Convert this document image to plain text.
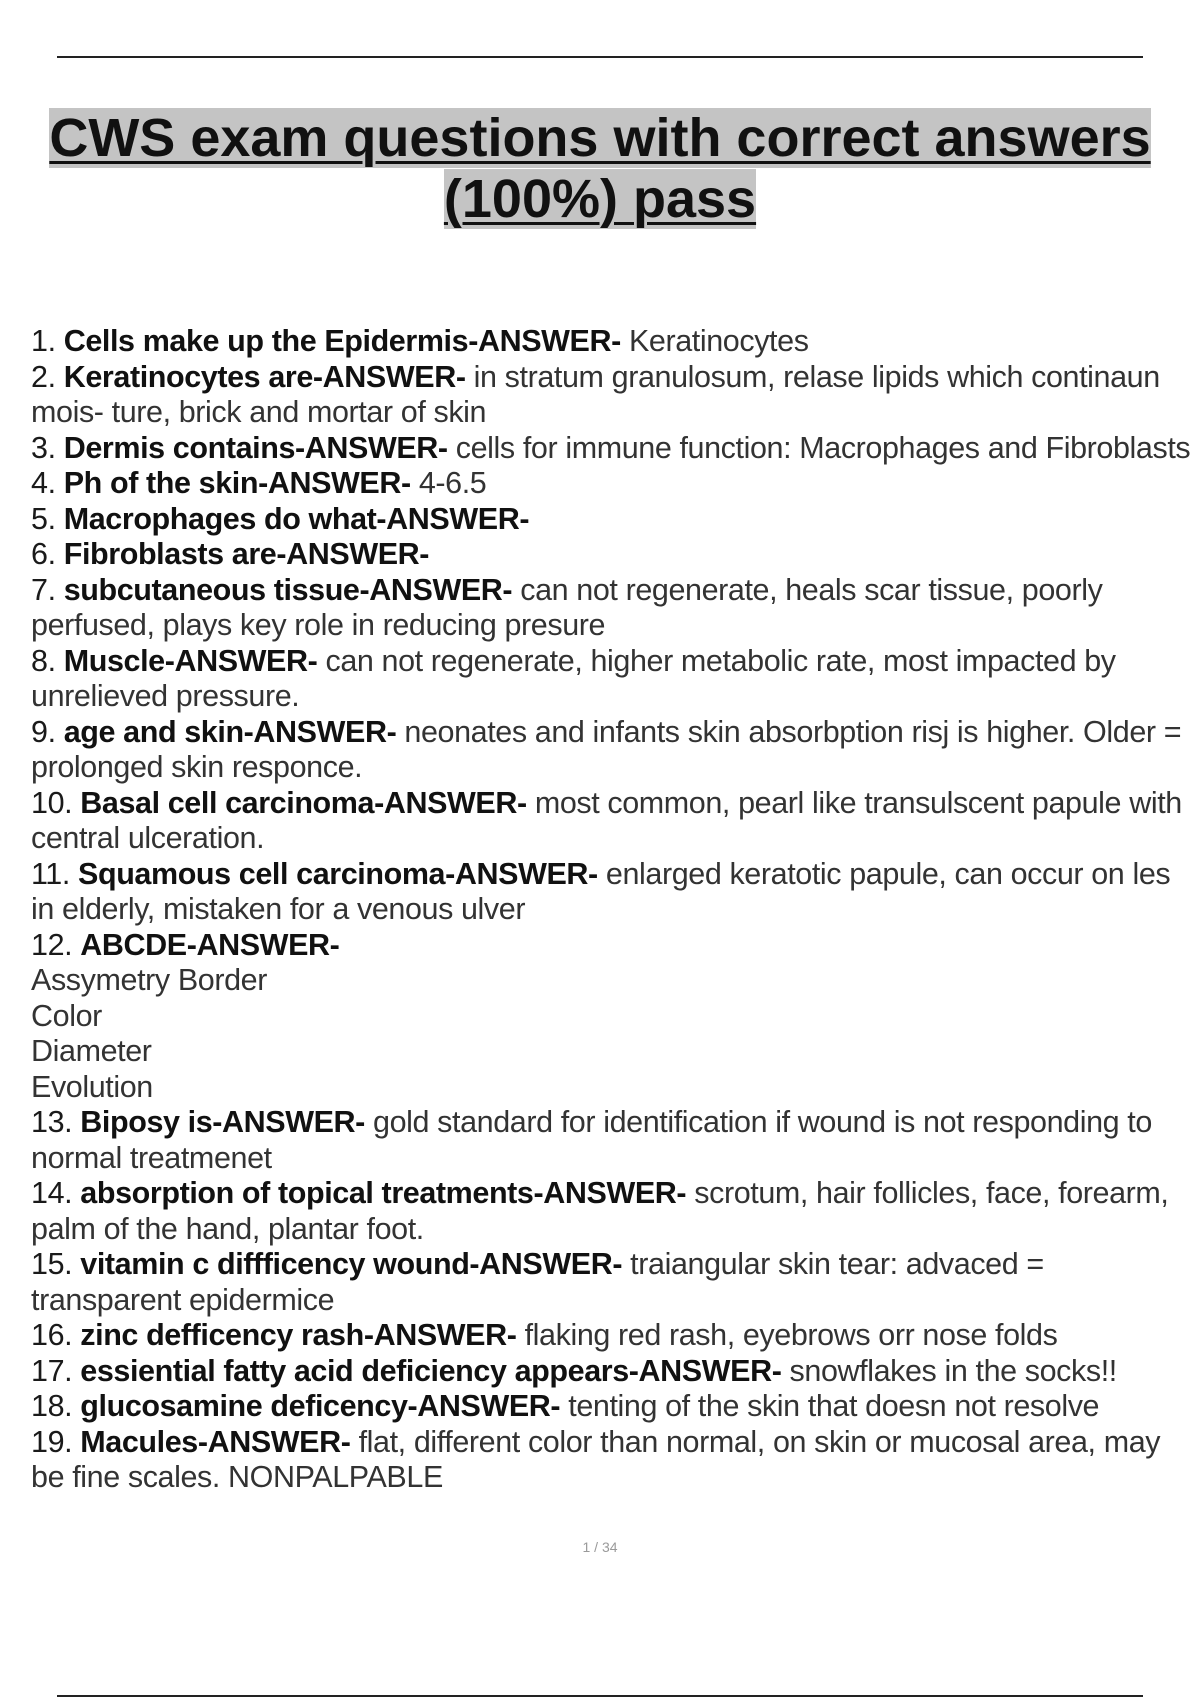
CWS exam questions with correct answers
(100%) pass
1. Cells make up the Epidermis-ANSWER- Keratinocytes
2. Keratinocytes are-ANSWER- in stratum granulosum, relase lipids which continaun mois- ture, brick and mortar of skin
3. Dermis contains-ANSWER- cells for immune function: Macrophages and Fibroblasts
4. Ph of the skin-ANSWER- 4-6.5
5. Macrophages do what-ANSWER-
6. Fibroblasts are-ANSWER-
7. subcutaneous tissue-ANSWER- can not regenerate, heals scar tissue, poorly perfused, plays key role in reducing presure
8. Muscle-ANSWER- can not regenerate, higher metabolic rate, most impacted by unrelieved pressure.
9. age and skin-ANSWER- neonates and infants skin absorbption risj is higher. Older = prolonged skin responce.
10. Basal cell carcinoma-ANSWER- most common, pearl like transulscent papule with central ulceration.
11. Squamous cell carcinoma-ANSWER- enlarged keratotic papule, can occur on les in elderly, mistaken for a venous ulver
12. ABCDE-ANSWER-
Assymetry Border
Color
Diameter
Evolution
13. Biposy is-ANSWER- gold standard for identification if wound is not responding to normal treatmenet
14. absorption of topical treatments-ANSWER- scrotum, hair follicles, face, forearm, palm of the hand, plantar foot.
15. vitamin c diffficency wound-ANSWER- traiangular skin tear: advaced = transparent epidermice
16. zinc defficency rash-ANSWER- flaking red rash, eyebrows orr nose folds
17. essiential fatty acid deficiency appears-ANSWER- snowflakes in the socks!!
18. glucosamine deficency-ANSWER- tenting of the skin that doesn not resolve
19. Macules-ANSWER- flat, different color than normal, on skin or mucosal area, may be fine scales. NONPALPABLE
1 / 34
